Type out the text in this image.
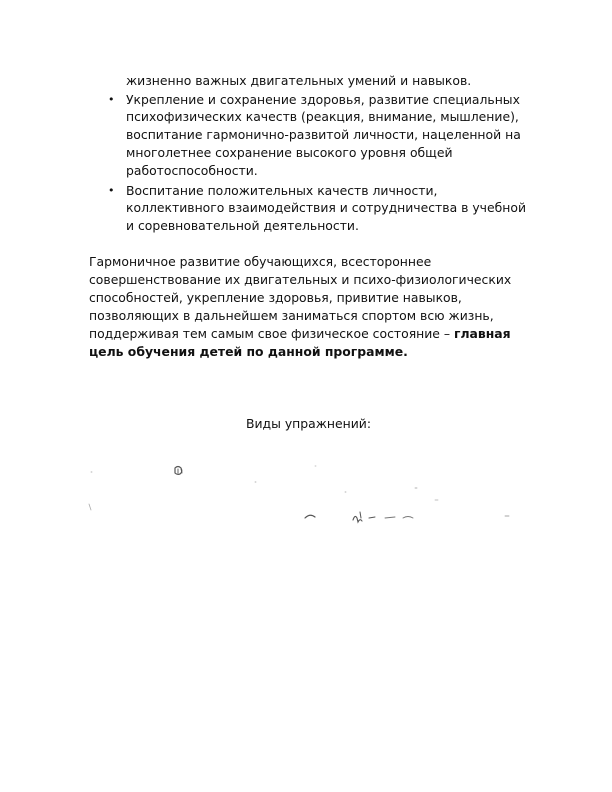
жизненно важных двигательных умений и навыков.
• Укрепление и сохранение здоровья, развитие специальных
психофизических качеств (реакция, внимание, мышление),
воспитание гармонично-развитой личности, нацеленной на
многолетнее сохранение высокого уровня общей
работоспособности.
• Воспитание положительных качеств личности,
коллективного взаимодействия и сотрудничества в учебной
и соревновательной деятельности.
Гармоничное развитие обучающихся, всестороннее
совершенствование их двигательных и психо-физиологических
способностей, укрепление здоровья, привитие навыков,
позволяющих в дальнейшем заниматься спортом всю жизнь,
поддерживая тем самым свое физическое состояние – главная
цель обучения детей по данной программе.
Виды упражнений:
